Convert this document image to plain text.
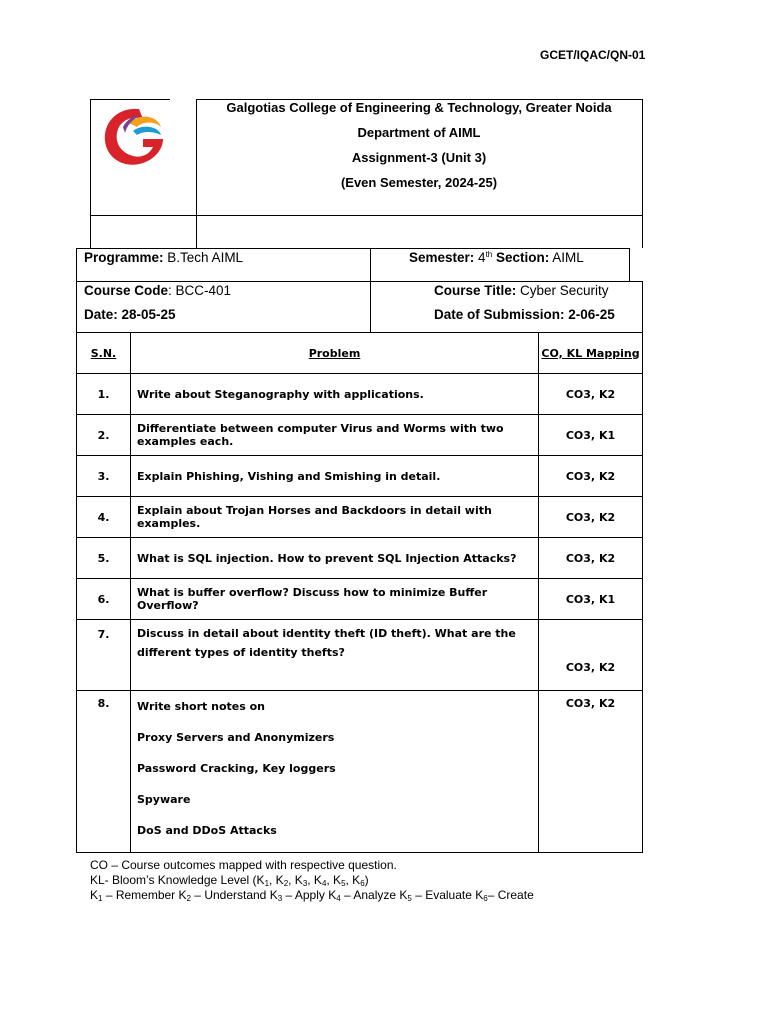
GCET/IQAC/QN-01
Galgotias College of Engineering & Technology, Greater Noida
Department of AIML
Assignment-3 (Unit 3)
(Even Semester, 2024-25)
Programme: B.Tech AIML	Semester: 4th Section: AIML
Course Code: BCC-401	Course Title: Cyber Security
Date: 28-05-25	Date of Submission: 2-06-25
S.N.	Problem	CO, KL Mapping
1.	Write about Steganography with applications.	CO3, K2
2.	Differentiate between computer Virus and Worms with two examples each.	CO3, K1
3.	Explain Phishing, Vishing and Smishing in detail.	CO3, K2
4.	Explain about Trojan Horses and Backdoors in detail with examples.	CO3, K2
5.	What is SQL injection. How to prevent SQL Injection Attacks?	CO3, K2
6.	What is buffer overflow? Discuss how to minimize Buffer Overflow?	CO3, K1
7.	Discuss in detail about identity theft (ID theft). What are the different types of identity thefts?	CO3, K2
8.	Write short notes on
Proxy Servers and Anonymizers
Password Cracking, Key loggers
Spyware
DoS and DDoS Attacks	CO3, K2
CO – Course outcomes mapped with respective question.
KL- Bloom’s Knowledge Level ($K_1$, $K_2$, $K_3$, $K_4$, $K_5$, $K_6$)
$K_1$ – Remember $K_2$ – Understand $K_3$ – Apply $K_4$ – Analyze $K_5$ – Evaluate $K_6-$ Create
